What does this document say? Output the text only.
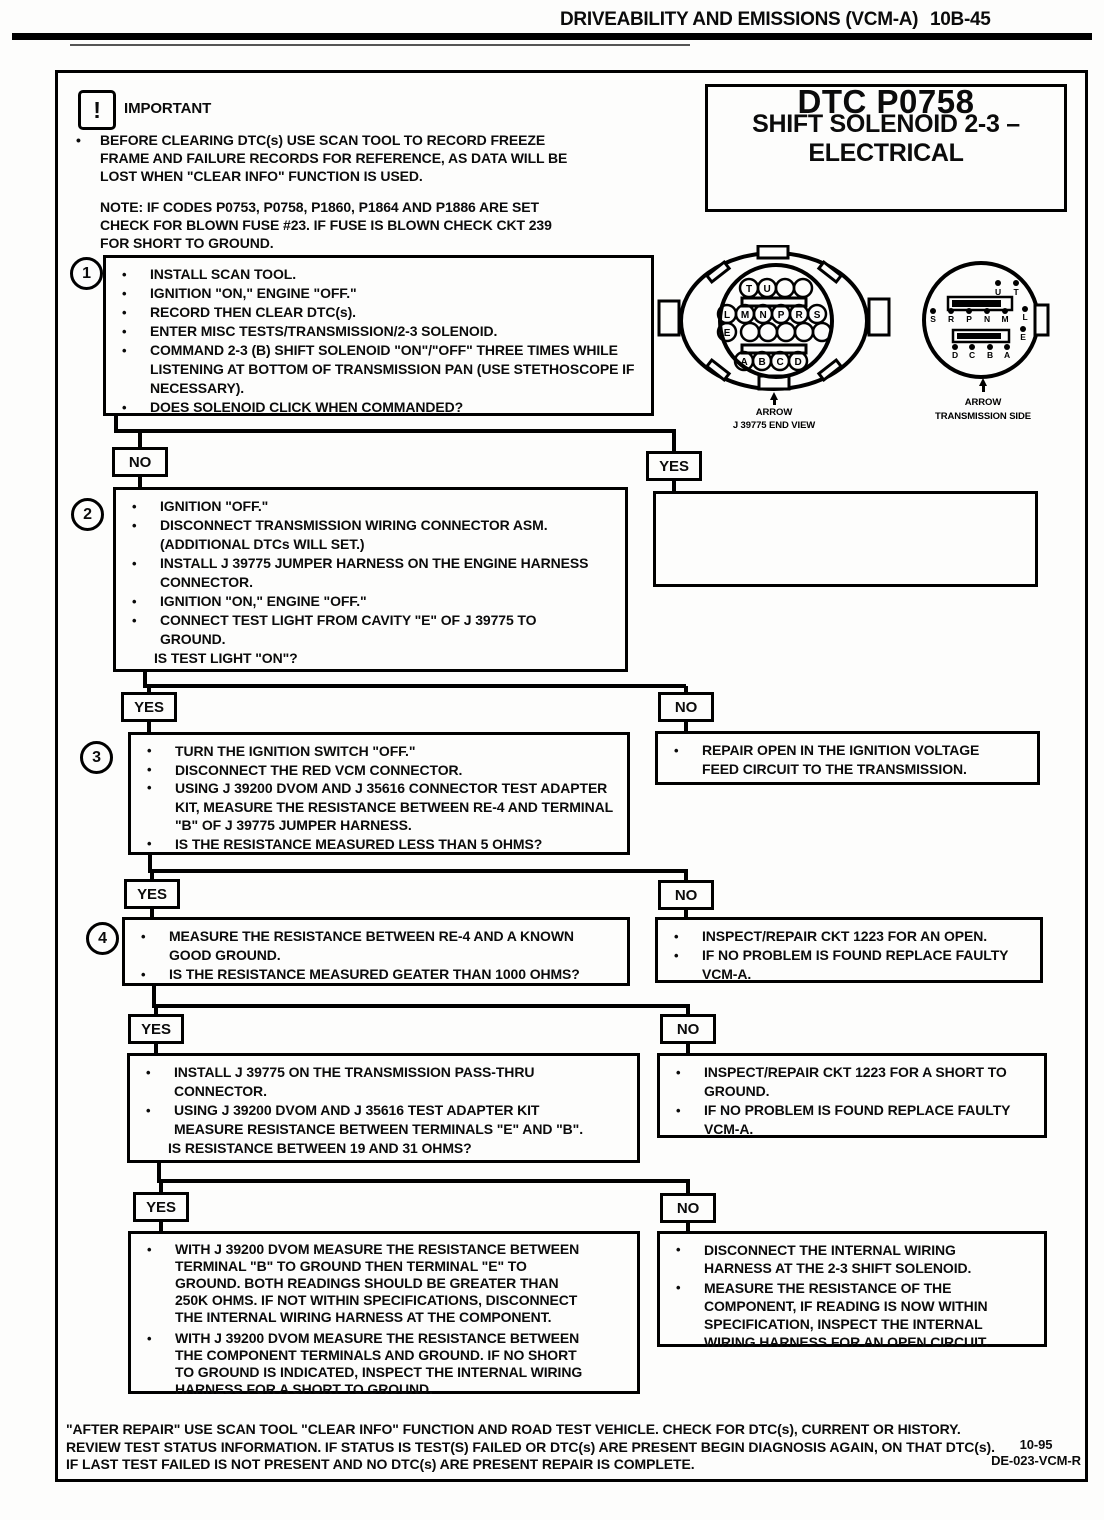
DRIVEABILITY AND EMISSIONS (VCM-A) 10B-45
! IMPORTANT
• BEFORE CLEARING DTC(s) USE SCAN TOOL TO RECORD FREEZE FRAME AND FAILURE RECORDS FOR REFERENCE, AS DATA WILL BE LOST WHEN "CLEAR INFO" FUNCTION IS USED.
NOTE: IF CODES P0753, P0758, P1860, P1864 AND P1886 ARE SET CHECK FOR BLOWN FUSE #23. IF FUSE IS BLOWN CHECK CKT 239 FOR SHORT TO GROUND.
DTC P0758
SHIFT SOLENOID 2-3 –
ELECTRICAL
T U
L M N P R S
E
A B C D
ARROW
J 39775 END VIEW
U T
S R P N M L
E
D C B A
ARROW
TRANSMISSION SIDE
1	•	INSTALL SCAN TOOL.
•	IGNITION "ON," ENGINE "OFF."
•	RECORD THEN CLEAR DTC(s).
•	ENTER MISC TESTS/TRANSMISSION/2-3 SOLENOID.
•	COMMAND 2-3 (B) SHIFT SOLENOID "ON"/"OFF" THREE TIMES WHILE LISTENING AT BOTTOM OF TRANSMISSION PAN (USE STETHOSCOPE IF NECESSARY).
•	DOES SOLENOID CLICK WHEN COMMANDED?
NO	YES
2	•	IGNITION "OFF."
•	DISCONNECT TRANSMISSION WIRING CONNECTOR ASM. (ADDITIONAL DTCs WILL SET.)
•	INSTALL J 39775 JUMPER HARNESS ON THE ENGINE HARNESS CONNECTOR.
•	IGNITION "ON," ENGINE "OFF."
•	CONNECT TEST LIGHT FROM CAVITY "E" OF J 39775 TO GROUND.
IS TEST LIGHT "ON"?
YES	NO
3	•	TURN THE IGNITION SWITCH "OFF."
•	DISCONNECT THE RED VCM CONNECTOR.
•	USING J 39200 DVOM AND J 35616 CONNECTOR TEST ADAPTER KIT, MEASURE THE RESISTANCE BETWEEN RE-4 AND TERMINAL "B" OF J 39775 JUMPER HARNESS.
•	IS THE RESISTANCE MEASURED LESS THAN 5 OHMS?
•	REPAIR OPEN IN THE IGNITION VOLTAGE FEED CIRCUIT TO THE TRANSMISSION.
YES	NO
4	•	MEASURE THE RESISTANCE BETWEEN RE-4 AND A KNOWN GOOD GROUND.
•	IS THE RESISTANCE MEASURED GEATER THAN 1000 OHMS?
•	INSPECT/REPAIR CKT 1223 FOR AN OPEN.
•	IF NO PROBLEM IS FOUND REPLACE FAULTY VCM-A.
YES	NO
•	INSTALL J 39775 ON THE TRANSMISSION PASS-THRU CONNECTOR.
•	USING J 39200 DVOM AND J 35616 TEST ADAPTER KIT MEASURE RESISTANCE BETWEEN TERMINALS "E" AND "B".
IS RESISTANCE BETWEEN 19 AND 31 OHMS?
•	INSPECT/REPAIR CKT 1223 FOR A SHORT TO GROUND.
•	IF NO PROBLEM IS FOUND REPLACE FAULTY VCM-A.
YES	NO
•	WITH J 39200 DVOM MEASURE THE RESISTANCE BETWEEN TERMINAL "B" TO GROUND THEN TERMINAL "E" TO GROUND. BOTH READINGS SHOULD BE GREATER THAN 250K OHMS. IF NOT WITHIN SPECIFICATIONS, DISCONNECT THE INTERNAL WIRING HARNESS AT THE COMPONENT.
•	WITH J 39200 DVOM MEASURE THE RESISTANCE BETWEEN THE COMPONENT TERMINALS AND GROUND. IF NO SHORT TO GROUND IS INDICATED, INSPECT THE INTERNAL WIRING HARNESS FOR A SHORT TO GROUND.
•	DISCONNECT THE INTERNAL WIRING HARNESS AT THE 2-3 SHIFT SOLENOID.
•	MEASURE THE RESISTANCE OF THE COMPONENT, IF READING IS NOW WITHIN SPECIFICATION, INSPECT THE INTERNAL WIRING HARNESS FOR AN OPEN CIRCUIT.
"AFTER REPAIR" USE SCAN TOOL "CLEAR INFO" FUNCTION AND ROAD TEST VEHICLE. CHECK FOR DTC(s), CURRENT OR HISTORY. REVIEW TEST STATUS INFORMATION. IF STATUS IS TEST(S) FAILED OR DTC(s) ARE PRESENT BEGIN DIAGNOSIS AGAIN, ON THAT DTC(s). IF LAST TEST FAILED IS NOT PRESENT AND NO DTC(s) ARE PRESENT REPAIR IS COMPLETE.
10-95
DE-023-VCM-R
